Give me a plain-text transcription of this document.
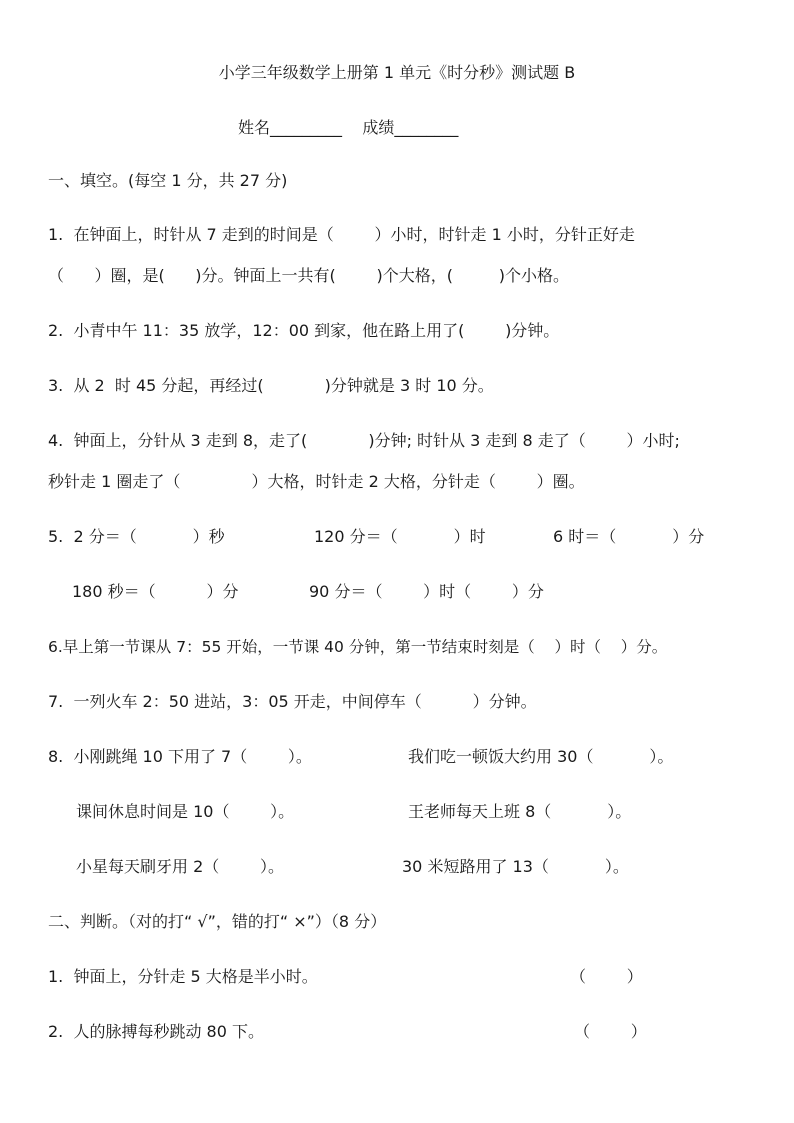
小学三年级数学上册第 1 单元《时分秒》测试题 B
姓名_________    成绩________
一、填空。(每空 1 分，共 27 分)
1.  在钟面上，时针从 7 走到的时间是（        ）小时，时针走 1 小时，分针正好走
（      ）圈，是(      )分。钟面上一共有(        )个大格，(         )个小格。
2.  小青中午 11：35 放学，12：00 到家，他在路上用了(        )分钟。
3.  从 2  时 45 分起，再经过(            )分钟就是 3 时 10 分。
4.  钟面上，分针从 3 走到 8，走了(            )分钟; 时针从 3 走到 8 走了（        ）小时;
秒针走 1 圈走了（              ）大格，时针走 2 大格，分针走（        ）圈。
5.  2 分＝（           ）秒	120 分＝（           ）时	6 时＝（           ）分
180 秒＝（          ）分	90 分＝（        ）时（        ）分
6.早上第一节课从 7：55 开始，一节课 40 分钟，第一节结束时刻是（    ）时（    ）分。
7.  一列火车 2：50 进站，3：05 开走，中间停车（          ）分钟。
8.  小刚跳绳 10 下用了 7（        ）。	我们吃一顿饭大约用 30（           ）。
课间休息时间是 10（        ）。	王老师每天上班 8（           ）。
小星每天刷牙用 2（        ）。	30 米短路用了 13（           ）。
二、判断。（对的打“ √”，错的打“ ×”）（8 分）
1.  钟面上，分针走 5 大格是半小时。	（        ）
2.  人的脉搏每秒跳动 80 下。	（        ）
